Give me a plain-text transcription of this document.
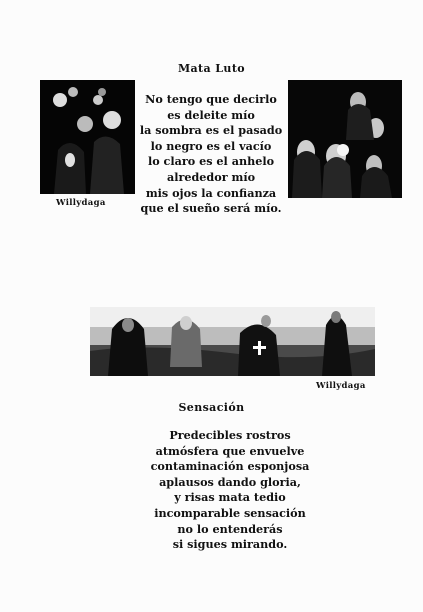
Mata Luto
Willydaga
No tengo que decirlo
es deleite mío
la sombra es el pasado
lo negro es el vacío
lo claro es el anhelo
alrededor mío
mis ojos la confianza
que el sueño será mío.
Willydaga
Sensación
Predecibles rostros
atmósfera que envuelve
contaminación esponjosa
aplausos dando gloria,
y risas mata tedio
incomparable sensación
no lo entenderás
si sigues mirando.
